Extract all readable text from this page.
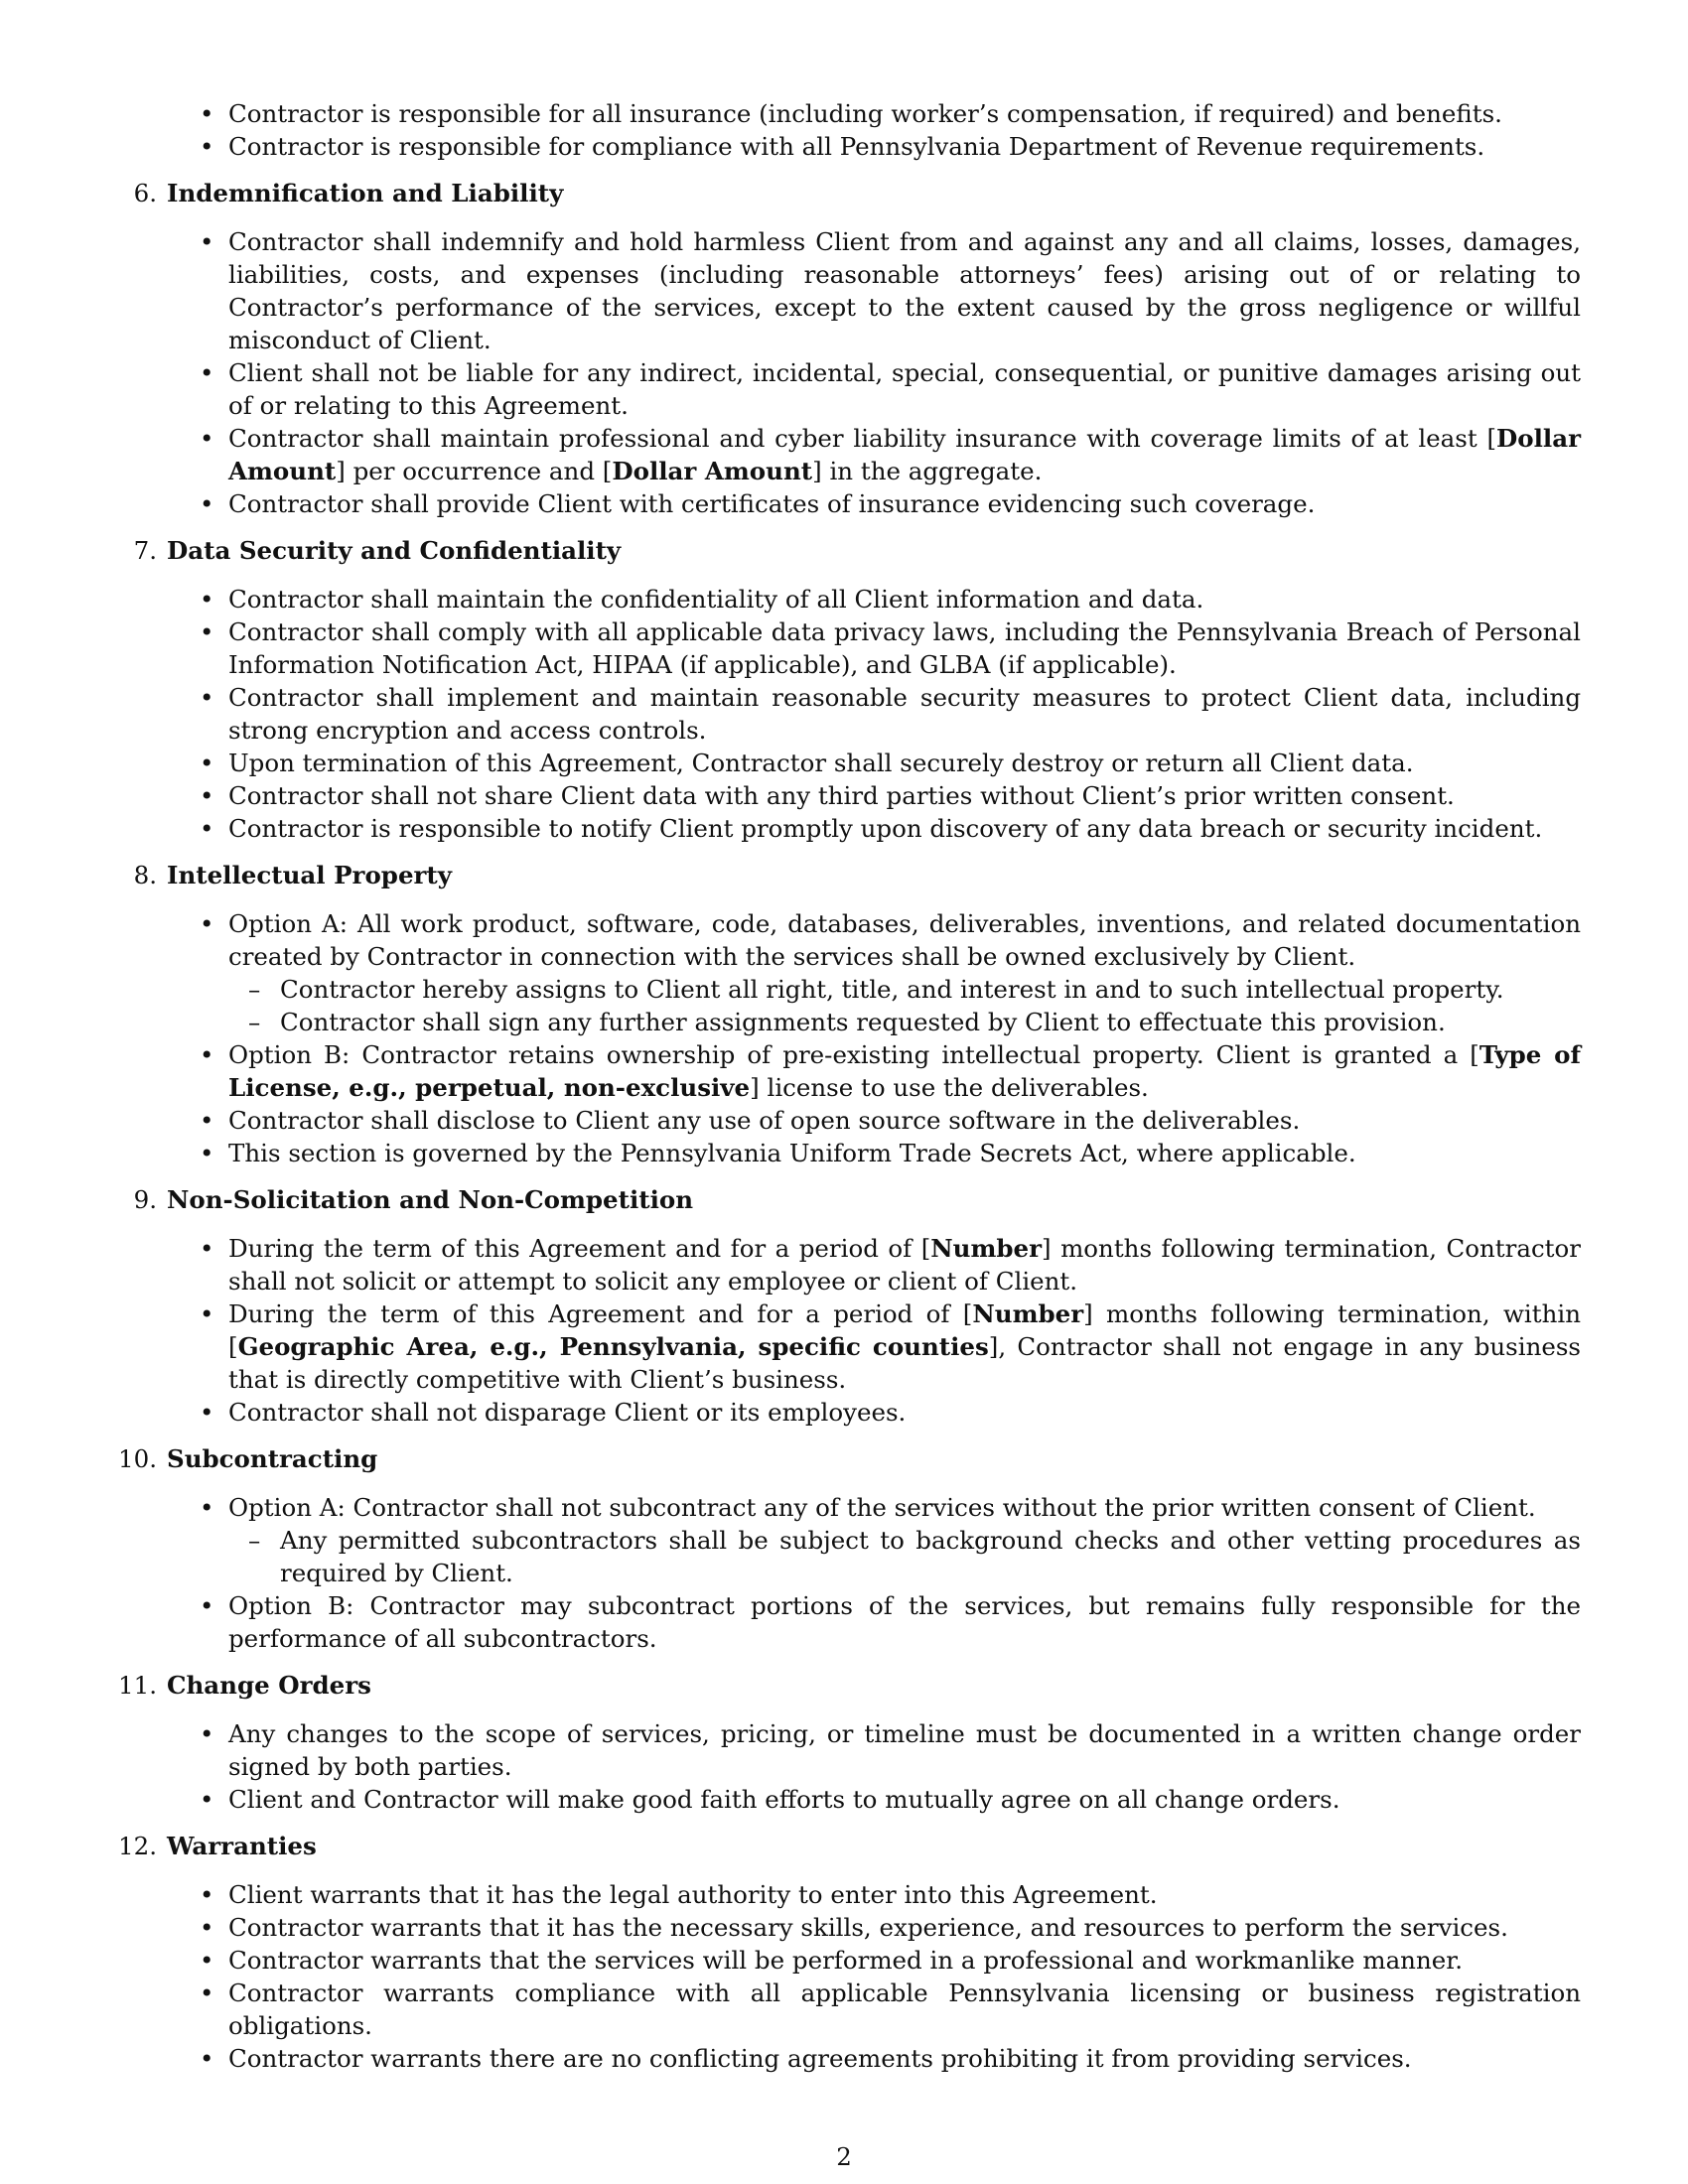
• Contractor is responsible for all insurance (including worker’s compensation, if required) and benefits.
• Contractor is responsible for compliance with all Pennsylvania Department of Revenue requirements.
6. Indemnification and Liability
• Contractor shall indemnify and hold harmless Client from and against any and all claims, losses, damages, liabilities, costs, and expenses (including reasonable attorneys’ fees) arising out of or relating to Contractor’s performance of the services, except to the extent caused by the gross negligence or willful misconduct of Client.
• Client shall not be liable for any indirect, incidental, special, consequential, or punitive damages arising out of or relating to this Agreement.
• Contractor shall maintain professional and cyber liability insurance with coverage limits of at least [Dollar Amount] per occurrence and [Dollar Amount] in the aggregate.
• Contractor shall provide Client with certificates of insurance evidencing such coverage.
7. Data Security and Confidentiality
• Contractor shall maintain the confidentiality of all Client information and data.
• Contractor shall comply with all applicable data privacy laws, including the Pennsylvania Breach of Personal Information Notification Act, HIPAA (if applicable), and GLBA (if applicable).
• Contractor shall implement and maintain reasonable security measures to protect Client data, including strong encryption and access controls.
• Upon termination of this Agreement, Contractor shall securely destroy or return all Client data.
• Contractor shall not share Client data with any third parties without Client’s prior written consent.
• Contractor is responsible to notify Client promptly upon discovery of any data breach or security incident.
8. Intellectual Property
• Option A: All work product, software, code, databases, deliverables, inventions, and related documentation created by Contractor in connection with the services shall be owned exclusively by Client.
– Contractor hereby assigns to Client all right, title, and interest in and to such intellectual property.
– Contractor shall sign any further assignments requested by Client to effectuate this provision.
• Option B: Contractor retains ownership of pre-existing intellectual property. Client is granted a [Type of License, e.g., perpetual, non-exclusive] license to use the deliverables.
• Contractor shall disclose to Client any use of open source software in the deliverables.
• This section is governed by the Pennsylvania Uniform Trade Secrets Act, where applicable.
9. Non-Solicitation and Non-Competition
• During the term of this Agreement and for a period of [Number] months following termination, Contractor shall not solicit or attempt to solicit any employee or client of Client.
• During the term of this Agreement and for a period of [Number] months following termination, within [Geographic Area, e.g., Pennsylvania, specific counties], Contractor shall not engage in any business that is directly competitive with Client’s business.
• Contractor shall not disparage Client or its employees.
10. Subcontracting
• Option A: Contractor shall not subcontract any of the services without the prior written consent of Client.
– Any permitted subcontractors shall be subject to background checks and other vetting procedures as required by Client.
• Option B: Contractor may subcontract portions of the services, but remains fully responsible for the performance of all subcontractors.
11. Change Orders
• Any changes to the scope of services, pricing, or timeline must be documented in a written change order signed by both parties.
• Client and Contractor will make good faith efforts to mutually agree on all change orders.
12. Warranties
• Client warrants that it has the legal authority to enter into this Agreement.
• Contractor warrants that it has the necessary skills, experience, and resources to perform the services.
• Contractor warrants that the services will be performed in a professional and workmanlike manner.
• Contractor warrants compliance with all applicable Pennsylvania licensing or business registration obligations.
• Contractor warrants there are no conflicting agreements prohibiting it from providing services.
2
